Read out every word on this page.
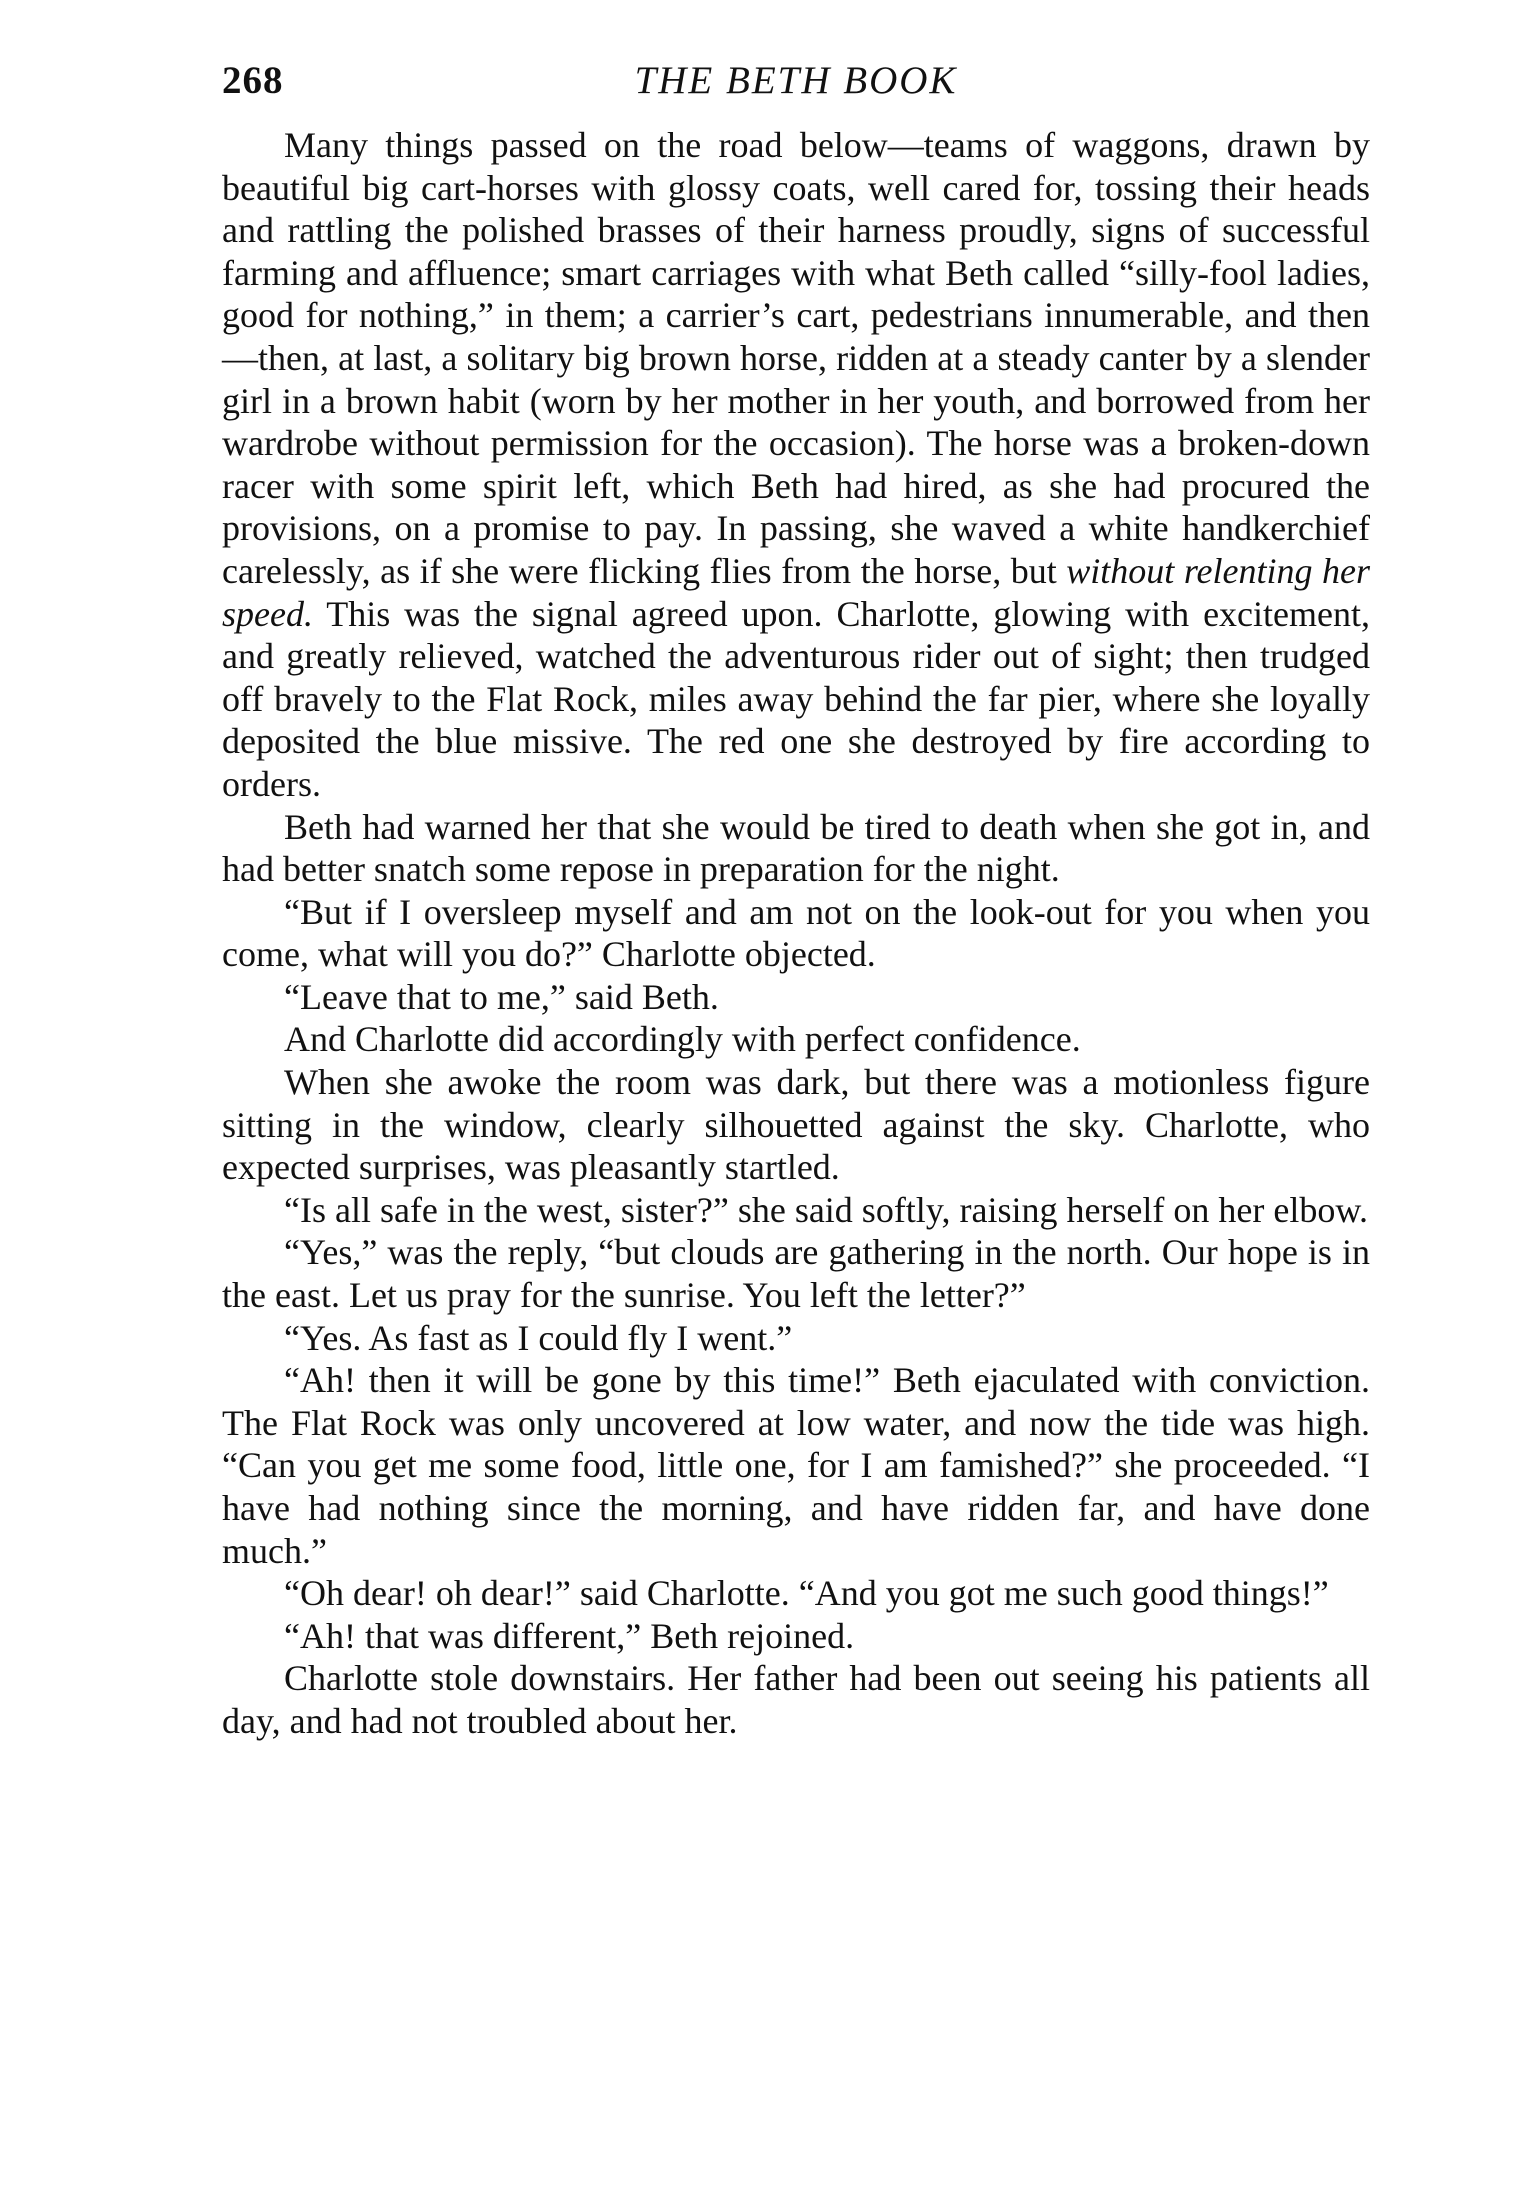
268	THE BETH BOOK

Many things passed on the road below—teams of waggons, drawn by beautiful big cart-horses with glossy coats, well cared for, tossing their heads and rattling the polished brasses of their harness proudly, signs of successful farming and affluence; smart carriages with what Beth called “silly-fool ladies, good for nothing,” in them; a carrier’s cart, pedestrians innumerable, and then—then, at last, a solitary big brown horse, ridden at a steady canter by a slender girl in a brown habit (worn by her mother in her youth, and borrowed from her wardrobe without permission for the occasion). The horse was a broken-down racer with some spirit left, which Beth had hired, as she had procured the provisions, on a promise to pay. In passing, she waved a white handkerchief carelessly, as if she were flicking flies from the horse, but without relenting her speed. This was the signal agreed upon. Charlotte, glowing with excitement, and greatly relieved, watched the adventurous rider out of sight; then trudged off bravely to the Flat Rock, miles away behind the far pier, where she loyally deposited the blue missive. The red one she destroyed by fire according to orders.

Beth had warned her that she would be tired to death when she got in, and had better snatch some repose in preparation for the night.

“But if I oversleep myself and am not on the look-out for you when you come, what will you do?” Charlotte objected.

“Leave that to me,” said Beth.

And Charlotte did accordingly with perfect confidence.

When she awoke the room was dark, but there was a motionless figure sitting in the window, clearly silhouetted against the sky. Charlotte, who expected surprises, was pleasantly startled.

“Is all safe in the west, sister?” she said softly, raising herself on her elbow.

“Yes,” was the reply, “but clouds are gathering in the north. Our hope is in the east. Let us pray for the sunrise. You left the letter?”

“Yes. As fast as I could fly I went.”

“Ah! then it will be gone by this time!” Beth ejaculated with conviction. The Flat Rock was only uncovered at low water, and now the tide was high. “Can you get me some food, little one, for I am famished?” she proceeded. “I have had nothing since the morning, and have ridden far, and have done much.”

“Oh dear! oh dear!” said Charlotte. “And you got me such good things!”

“Ah! that was different,” Beth rejoined.

Charlotte stole downstairs. Her father had been out seeing his patients all day, and had not troubled about her.
